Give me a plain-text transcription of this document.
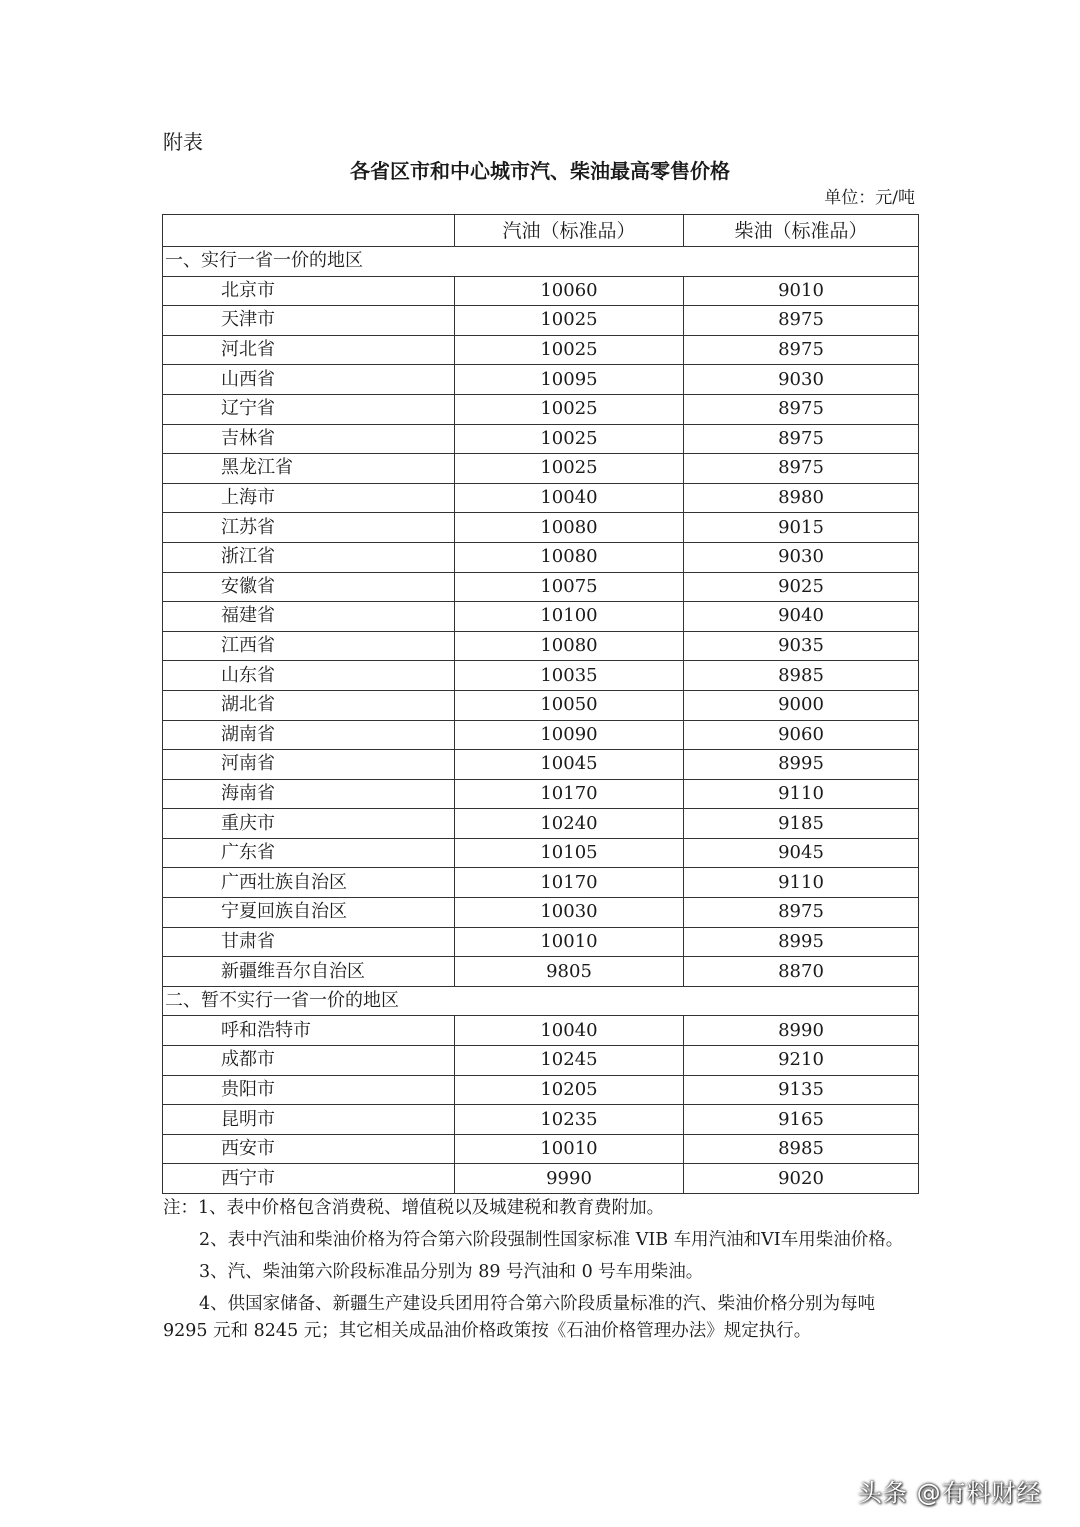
附表
各省区市和中心城市汽、柴油最高零售价格
单位：元/吨
	汽油（标准品）	柴油（标准品）
一、实行一省一价的地区		
北京市	10060	9010
天津市	10025	8975
河北省	10025	8975
山西省	10095	9030
辽宁省	10025	8975
吉林省	10025	8975
黑龙江省	10025	8975
上海市	10040	8980
江苏省	10080	9015
浙江省	10080	9030
安徽省	10075	9025
福建省	10100	9040
江西省	10080	9035
山东省	10035	8985
湖北省	10050	9000
湖南省	10090	9060
河南省	10045	8995
海南省	10170	9110
重庆市	10240	9185
广东省	10105	9045
广西壮族自治区	10170	9110
宁夏回族自治区	10030	8975
甘肃省	10010	8995
新疆维吾尔自治区	9805	8870
二、暂不实行一省一价的地区		
呼和浩特市	10040	8990
成都市	10245	9210
贵阳市	10205	9135
昆明市	10235	9165
西安市	10010	8985
西宁市	9990	9020

注：1、表中价格包含消费税、增值税以及城建税和教育费附加。

2、表中汽油和柴油价格为符合第六阶段强制性国家标准 VIB 车用汽油和VI车用柴油价格。

3、汽、柴油第六阶段标准品分别为 89 号汽油和 0 号车用柴油。

4、供国家储备、新疆生产建设兵团用符合第六阶段质量标准的汽、柴油价格分别为每吨 9295 元和 8245 元；其它相关成品油价格政策按《石油价格管理办法》规定执行。

头条 @有料财经
